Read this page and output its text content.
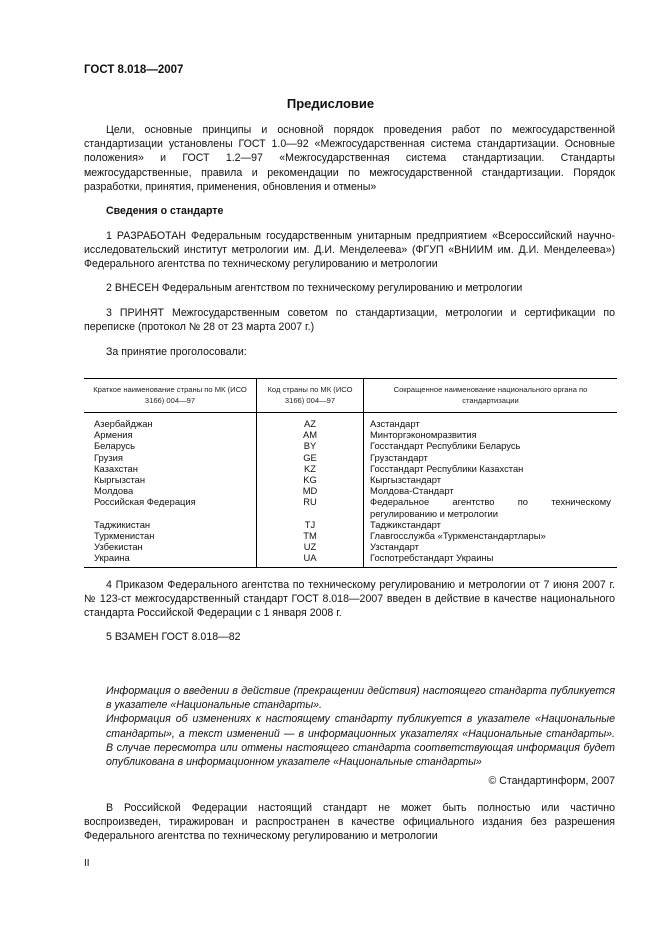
ГОСТ 8.018—2007
Предисловие
Цели, основные принципы и основной порядок проведения работ по межгосударственной стандартизации установлены ГОСТ 1.0—92 «Межгосударственная система стандартизации. Основные положения» и ГОСТ 1.2—97 «Межгосударственная система стандартизации. Стандарты межгосударственные, правила и рекомендации по межгосударственной стандартизации. Порядок разработки, принятия, применения, обновления и отмены»
Сведения о стандарте
1 РАЗРАБОТАН Федеральным государственным унитарным предприятием «Всероссийский научно-исследовательский институт метрологии им. Д.И. Менделеева» (ФГУП «ВНИИМ им. Д.И. Менделеева») Федерального агентства по техническому регулированию и метрологии
2 ВНЕСЕН Федеральным агентством по техническому регулированию и метрологии
3 ПРИНЯТ Межгосударственным советом по стандартизации, метрологии и сертификации по переписке (протокол № 28 от 23 марта 2007 г.)
За принятие проголосовали:
Краткое наименование страны по МК (ИСО 3166) 004—97	Код страны по МК (ИСО 3166) 004—97	Сокращенное наименование национального органа по стандартизации
Азербайджан	AZ	Азстандарт
Армения	AM	Минторгэкономразвития
Беларусь	BY	Госстандарт Республики Беларусь
Грузия	GE	Грузстандарт
Казахстан	KZ	Госстандарт Республики Казахстан
Кыргызстан	KG	Кыргызстандарт
Молдова	MD	Молдова-Стандарт
Российская Федерация	RU	Федеральное агентство по техническому регулированию и метрологии
Таджикистан	TJ	Таджикстандарт
Туркменистан	TM	Главгосслужба «Туркменстандартлары»
Узбекистан	UZ	Узстандарт
Украина	UA	Госпотребстандарт Украины
4 Приказом Федерального агентства по техническому регулированию и метрологии от 7 июня 2007 г. № 123-ст межгосударственный стандарт ГОСТ 8.018—2007 введен в действие в качестве национального стандарта Российской Федерации с 1 января 2008 г.
5 ВЗАМЕН ГОСТ 8.018—82

Информация о введении в действие (прекращении действия) настоящего стандарта публикуется в указателе «Национальные стандарты».

Информация об изменениях к настоящему стандарту публикуется в указателе «Национальные стандарты», а текст изменений — в информационных указателях «Национальные стандарты». В случае пересмотра или отмены настоящего стандарта соответствующая информация будет опубликована в информационном указателе «Национальные стандарты»

© Стандартинформ, 2007
В Российской Федерации настоящий стандарт не может быть полностью или частично воспроизведен, тиражирован и распространен в качестве официального издания без разрешения Федерального агентства по техническому регулированию и метрологии
II
